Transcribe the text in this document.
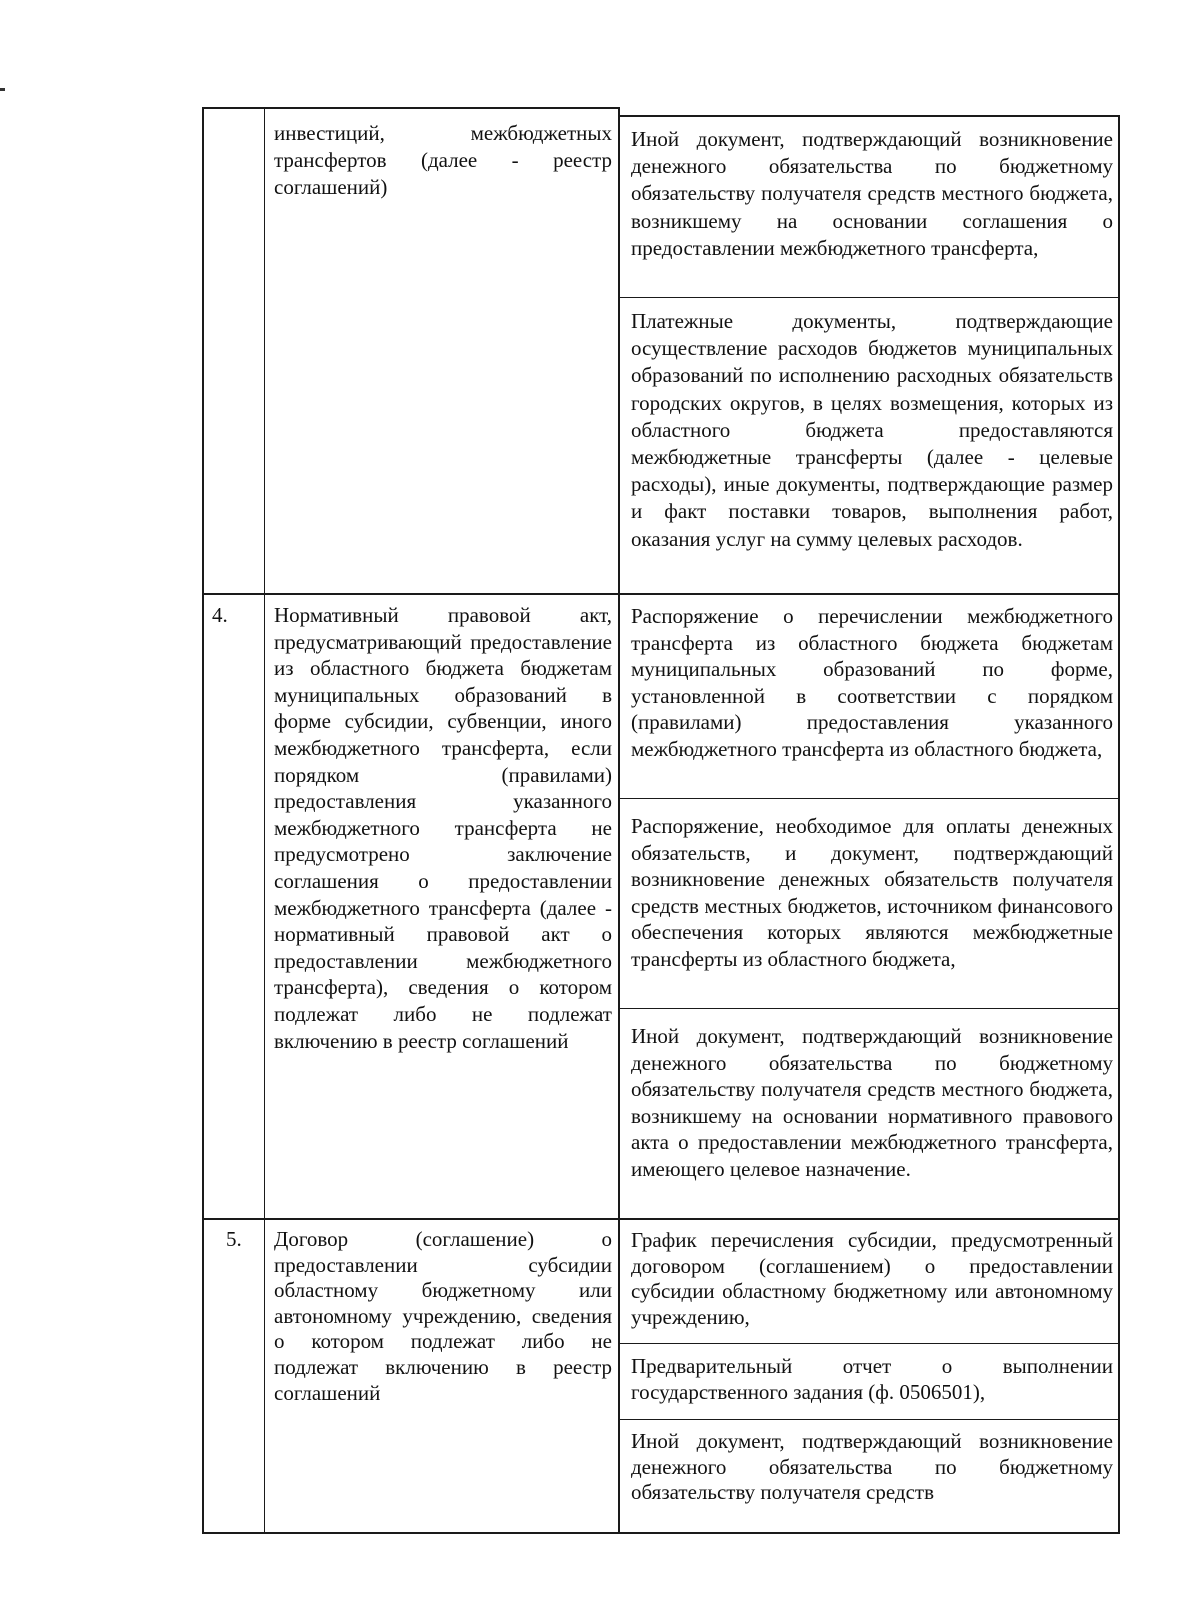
инвестиций, межбюджетных трансфертов (далее - реестр соглашений)
Иной документ, подтверждающий возникновение денежного обязательства по бюджетному обязательству получателя средств местного бюджета, возникшему на основании соглашения о предоставлении межбюджетного трансферта,
Платежные документы, подтверждающие осуществление расходов бюджетов муниципальных образований по исполнению расходных обязательств городских округов, в целях возмещения, которых из областного бюджета предоставляются межбюджетные трансферты (далее - целевые расходы), иные документы, подтверждающие размер и факт поставки товаров, выполнения работ, оказания услуг на сумму целевых расходов.
4. Нормативный правовой акт, предусматривающий предоставление из областного бюджета бюджетам муниципальных образований в форме субсидии, субвенции, иного межбюджетного трансферта, если порядком (правилами) предоставления указанного межбюджетного трансферта не предусмотрено заключение соглашения о предоставлении межбюджетного трансферта (далее - нормативный правовой акт о предоставлении межбюджетного трансферта), сведения о котором подлежат либо не подлежат включению в реестр соглашений
Распоряжение о перечислении межбюджетного трансферта из областного бюджета бюджетам муниципальных образований по форме, установленной в соответствии с порядком (правилами) предоставления указанного межбюджетного трансферта из областного бюджета,
Распоряжение, необходимое для оплаты денежных обязательств, и документ, подтверждающий возникновение денежных обязательств получателя средств местных бюджетов, источником финансового обеспечения которых являются межбюджетные трансферты из областного бюджета,
Иной документ, подтверждающий возникновение денежного обязательства по бюджетному обязательству получателя средств местного бюджета, возникшему на основании нормативного правового акта о предоставлении межбюджетного трансферта, имеющего целевое назначение.
5. Договор (соглашение) о предоставлении субсидии областному бюджетному или автономному учреждению, сведения о котором подлежат либо не подлежат включению в реестр соглашений
График перечисления субсидии, предусмотренный договором (соглашением) о предоставлении субсидии областному бюджетному или автономному учреждению,
Предварительный отчет о выполнении государственного задания (ф. 0506501),
Иной документ, подтверждающий возникновение денежного обязательства по бюджетному обязательству получателя средств
